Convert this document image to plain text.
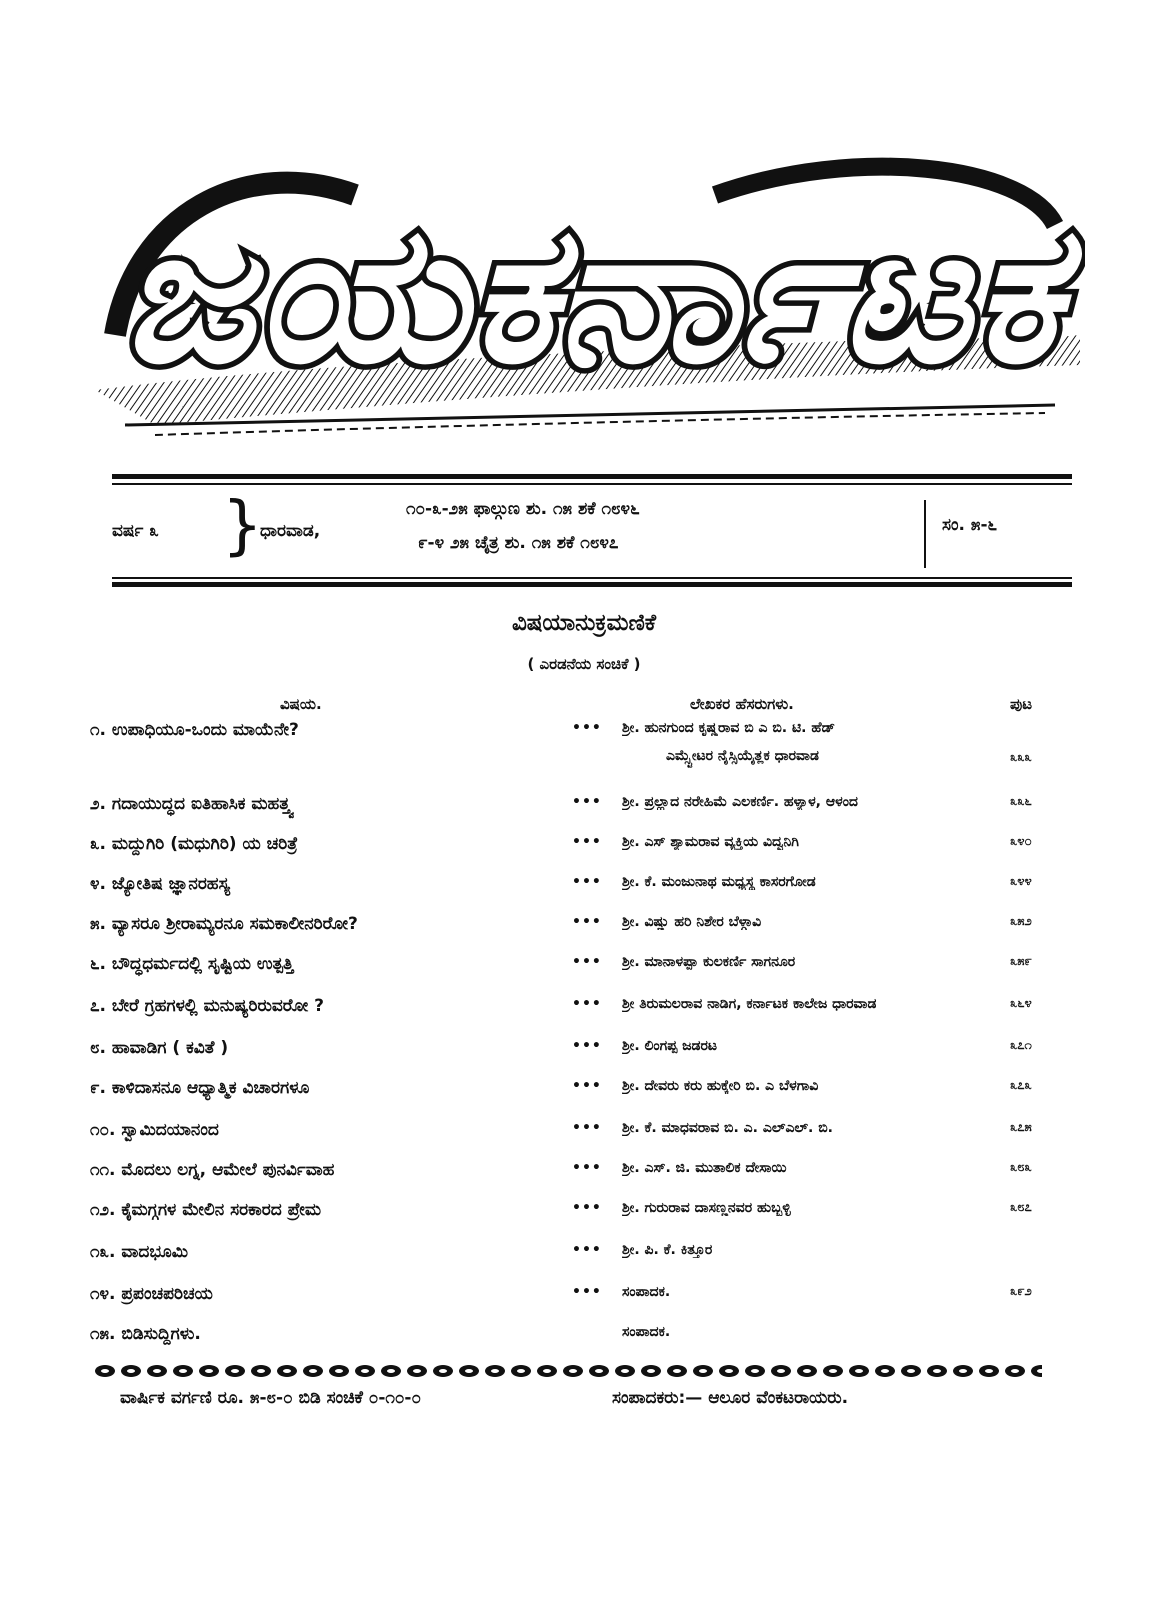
ಜಯಕರ್ನಾಟಕ
ವರ್ಷ ೩ }
ಧಾರವಾಡ,
೧೦-೩-೨೫ ಫಾಲ್ಗುಣ ಶು. ೧೫ ಶಕೆ ೧೮೪೬
೯-೪ ೨೫ ಚೈತ್ರ ಶು. ೧೫ ಶಕೆ ೧೮೪೭
ಸಂ. ೫-೬
ವಿಷಯಾನುಕ್ರಮಣಿಕೆ
( ಎರಡನೆಯ ಸಂಚಿಕೆ )
ವಿಷಯ.	ಲೇಖಕರ ಹೆಸರುಗಳು.	ಪುಟ
೧. ಉಪಾಧಿಯೂ-ಒಂದು ಮಾಯೆನೇ?	••• ಶ್ರೀ. ಹುನಗುಂದ ಕೃಷ್ಣರಾವ ಬಿ ಎ ಬಿ. ಟಿ. ಹೆಡ್
ಎಮ್ಸ್ಟೇಟರ ನೈಸ್ಸಿಯೈತ್ಲಕ ಧಾರವಾಡ	೩೩೩
೨. ಗದಾಯುದ್ಧದ ಐತಿಹಾಸಿಕ ಮಹತ್ತ್ವ	••• ಶ್ರೀ. ಪ್ರಲ್ಹಾದ ನರೇಹಿಮೆ ಎಲಕರ್ಣಿ. ಹಳ್ಯಾಳ, ಆಳಂದ	೩೩೬
೩. ಮದ್ದುಗಿರಿ (ಮಧುಗಿರಿ) ಯ ಚರಿತ್ರೆ	••• ಶ್ರೀ. ಎಸ್ ಶ್ಯಾಮರಾವ ವ್ಯಕ್ತಿಯ ವಿದ್ವನಿಗಿ	೩೪೦
೪. ಜ್ಯೋತಿಷ ಜ್ಞಾನರಹಸ್ಯ	••• ಶ್ರೀ. ಕೆ. ಮಂಜುನಾಥ ಮಧ್ಯಸ್ಥ ಕಾಸರಗೋಡ	೩೪೪
೫. ವ್ಯಾಸರೂ ಶ್ರೀರಾಮ್ಯರನೂ ಸಮಕಾಲೀನರಿರೋ?	••• ಶ್ರೀ. ವಿಷ್ಣು ಹರಿ ನಿಶೇರ ಬೆಳ್ಗಾವಿ	೩೫೨
೬. ಬೌದ್ಧಧರ್ಮದಲ್ಲಿ ಸೃಷ್ಟಿಯ ಉತ್ಪತ್ತಿ	••• ಶ್ರೀ. ಮಾನಾಳಪ್ಪಾ ಕುಲಕರ್ಣಿ ಸಾಗನೂರ	೩೫೯
೭. ಬೇರೆ ಗ್ರಹಗಳಲ್ಲಿ ಮನುಷ್ಯರಿರುವರೋ ?	••• ಶ್ರೀ ತಿರುಮಲರಾವ ನಾಡಿಗ, ಕರ್ನಾಟಕ ಕಾಲೇಜ ಧಾರವಾಡ	೩೬೪
೮. ಹಾವಾಡಿಗ ( ಕವಿತೆ )	••• ಶ್ರೀ. ಲಿಂಗಪ್ಪ ಜಡರಟ	೩೭೧
೯. ಕಾಳಿದಾಸನೂ ಆಧ್ಯಾತ್ಮಿಕ ವಿಚಾರಗಳೂ	••• ಶ್ರೀ. ದೇವರು ಕರು ಹುಕ್ಕೇರಿ ಬಿ. ಎ ಬೆಳಗಾವಿ	೩೭೩
೧೦. ಸ್ವಾಮಿದಯಾನಂದ	••• ಶ್ರೀ. ಕೆ. ಮಾಧವರಾವ ಬಿ. ಎ. ಎಲ್ಎಲ್. ಬಿ.	೩೭೫
೧೧. ಮೊದಲು ಲಗ್ನ, ಆಮೇಲೆ ಪುನರ್ವಿವಾಹ	••• ಶ್ರೀ. ಎಸ್. ಜಿ. ಮುತಾಲಿಕ ದೇಸಾಯಿ	೩೮೩
೧೨. ಕೈಮಗ್ಗಗಳ ಮೇಲಿನ ಸರಕಾರದ ಪ್ರೇಮ	••• ಶ್ರೀ. ಗುರುರಾವ ದಾಸಣ್ಣನವರ ಹುಬ್ಬಳ್ಳಿ	೩೮೭
೧೩. ವಾದಭೂಮಿ	••• ಶ್ರೀ. ಪಿ. ಕೆ. ಕಿತ್ತೂರ
೧೪. ಪ್ರಪಂಚಪರಿಚಯ	••• ಸಂಪಾದಕ.	೩೯೨
೧೫. ಬಿಡಿಸುದ್ದಿಗಳು.	ಸಂಪಾದಕ.
ವಾರ್ಷಿಕ ವರ್ಗಣಿ ರೂ. ೫-೮-೦ ಬಿಡಿ ಸಂಚಿಕೆ ೦-೧೦-೦	ಸಂಪಾದಕರು:— ಆಲೂರ ವೆಂಕಟರಾಯರು.
